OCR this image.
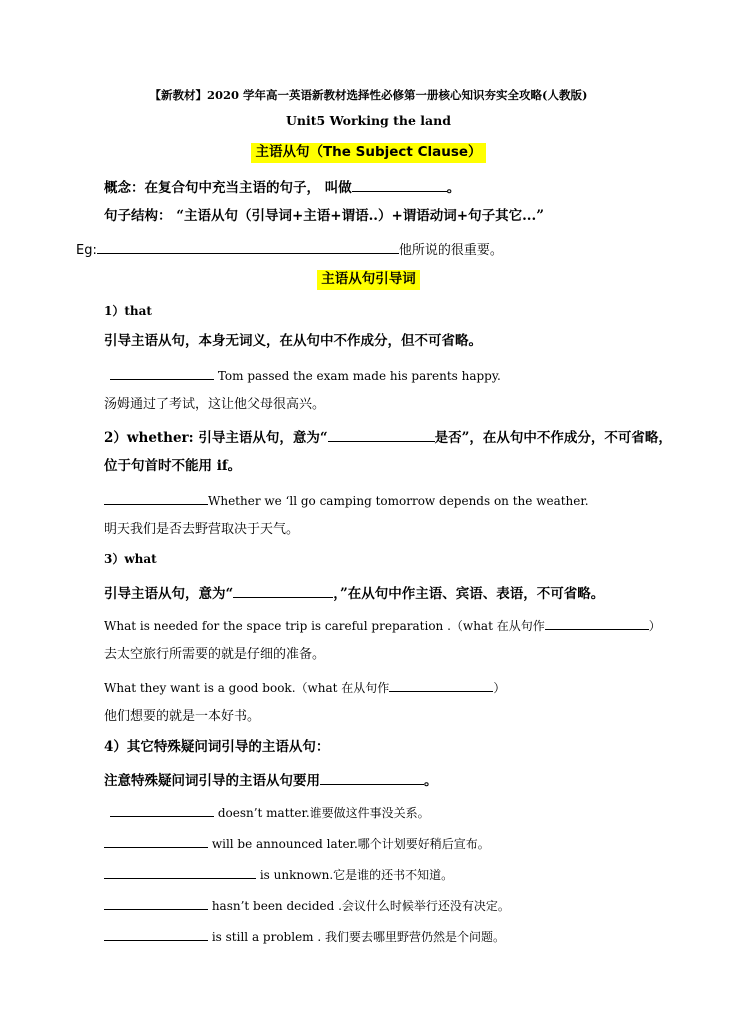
【新教材】2020 学年高一英语新教材选择性必修第一册核心知识夯实全攻略(人教版)
Unit5 Working the land
主语从句（The Subject Clause）
概念：在复合句中充当主语的句子， 叫做	。
句子结构： “主语从句（引导词+主语+谓语..）+谓语动词+句子其它...”
Eg:	他所说的很重要。
主语从句引导词
1）that
引导主语从句，本身无词义，在从句中不作成分，但不可省略。
Tom passed the exam made his parents happy.
汤姆通过了考试，这让他父母很高兴。
2）whether: 引导主语从句，意为“	是否”，在从句中不作成分，不可省略，
位于句首时不能用 if。
Whether we ‘ll go camping tomorrow depends on the weather.
明天我们是否去野营取决于天气。
3）what
引导主语从句，意为“	，”在从句中作主语、宾语、表语，不可省略。
What is needed for the space trip is careful preparation .（what 在从句作	）
去太空旅行所需要的就是仔细的准备。
What they want is a good book.（what 在从句作	）
他们想要的就是一本好书。
4）其它特殊疑问词引导的主语从句：
注意特殊疑问词引导的主语从句要用	。
doesn’t matter.谁要做这件事没关系。
will be announced later.哪个计划要好稍后宣布。
is unknown.它是谁的还书不知道。
hasn’t been decided .会议什么时候举行还没有决定。
is still a problem . 我们要去哪里野营仍然是个问题。
